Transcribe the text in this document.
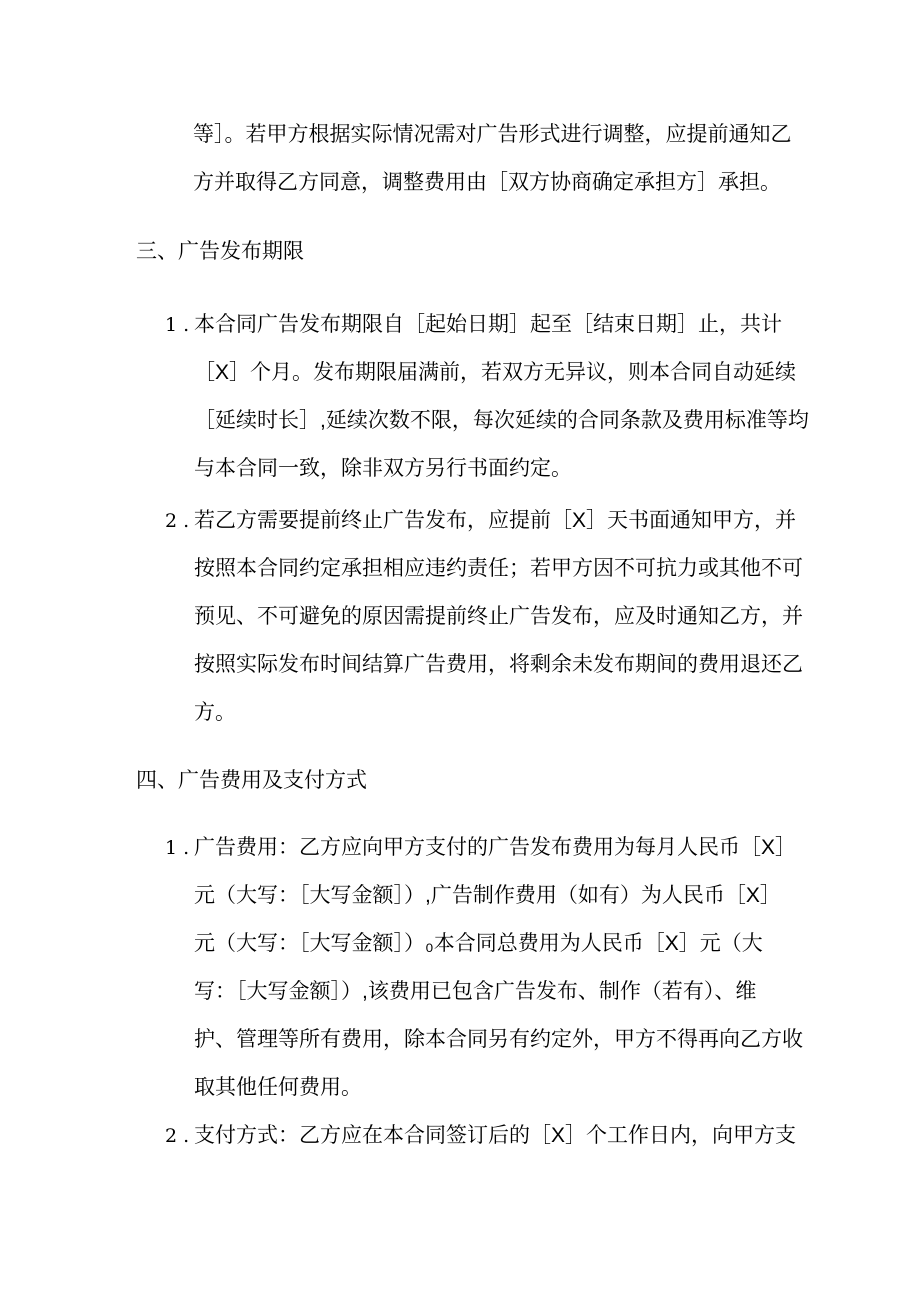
等］。若甲方根据实际情况需对广告形式进行调整，应提前通知乙
方并取得乙方同意，调整费用由［双方协商确定承担方］承担。
三、广告发布期限
1 . 本合同广告发布期限自［起始日期］起至［结束日期］止，共计
［X］个月。发布期限届满前，若双方无异议，则本合同自动延续
［延续时长］,延续次数不限，每次延续的合同条款及费用标准等均
与本合同一致，除非双方另行书面约定。
2 . 若乙方需要提前终止广告发布，应提前［X］天书面通知甲方，并
按照本合同约定承担相应违约责任；若甲方因不可抗力或其他不可
预见、不可避免的原因需提前终止广告发布，应及时通知乙方，并
按照实际发布时间结算广告费用，将剩余未发布期间的费用退还乙
方。
四、广告费用及支付方式
1 . 广告费用：乙方应向甲方支付的广告发布费用为每月人民币［X］
元（大写：［大写金额］）,广告制作费用（如有）为人民币［X］
元（大写：［大写金额］）₀本合同总费用为人民币［X］元（大
写：［大写金额］）,该费用已包含广告发布、制作（若有）、维
护、管理等所有费用，除本合同另有约定外，甲方不得再向乙方收
取其他任何费用。
2 . 支付方式：乙方应在本合同签订后的［X］个工作日内，向甲方支
